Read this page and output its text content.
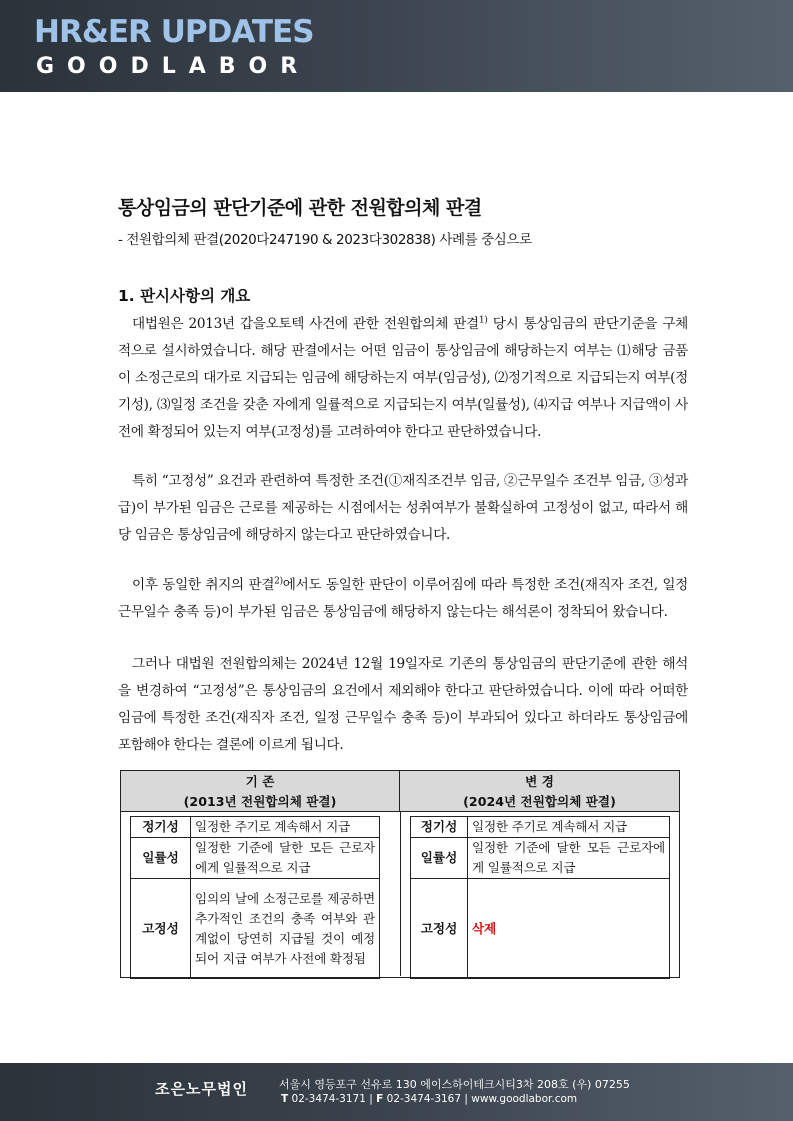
HR&ER UPDATES
GOODLABOR
통상임금의 판단기준에 관한 전원합의체 판결
- 전원합의체 판결(2020다247190 & 2023다302838) 사례를 중심으로
1. 판시사항의 개요

대법원은 2013년 갑을오토텍 사건에 관한 전원합의체 판결$^{1)}$ 당시 통상임금의 판단기준을 구체적으로 설시하였습니다. 해당 판결에서는 어떤 임금이 통상임금에 해당하는지 여부는 ⑴해당 금품이 소정근로의 대가로 지급되는 임금에 해당하는지 여부(임금성), ⑵정기적으로 지급되는지 여부(정기성), ⑶일정 조건을 갖춘 자에게 일률적으로 지급되는지 여부(일률성), ⑷지급 여부나 지급액이 사전에 확정되어 있는지 여부(고정성)를 고려하여야 한다고 판단하였습니다.

특히 “고정성” 요건과 관련하여 특정한 조건(①재직조건부 임금, ②근무일수 조건부 임금, ③성과급)이 부가된 임금은 근로를 제공하는 시점에서는 성취여부가 불확실하여 고정성이 없고, 따라서 해당 임금은 통상임금에 해당하지 않는다고 판단하였습니다.

이후 동일한 취지의 판결$^{2)}$에서도 동일한 판단이 이루어짐에 따라 특정한 조건(재직자 조건, 일정 근무일수 충족 등)이 부가된 임금은 통상임금에 해당하지 않는다는 해석론이 정착되어 왔습니다.

그러나 대법원 전원합의체는 2024년 12월 19일자로 기존의 통상임금의 판단기준에 관한 해석을 변경하여 “고정성”은 통상임금의 요건에서 제외해야 한다고 판단하였습니다. 이에 따라 어떠한 임금에 특정한 조건(재직자 조건, 일정 근무일수 충족 등)이 부과되어 있다고 하더라도 통상임금에 포함해야 한다는 결론에 이르게 됩니다.

기 존
(2013년 전원합의체 판결)
변 경
(2024년 전원합의체 판결)
정기성	일정한 주기로 계속해서 지급
일률성	일정한 기준에 달한 모든 근로자에게 일률적으로 지급
고정성	임의의 날에 소정근로를 제공하면 추가적인 조건의 충족 여부와 관계없이 당연히 지급될 것이 예정되어 지급 여부가 사전에 확정됨
정기성	일정한 주기로 계속해서 지급
일률성	일정한 기준에 달한 모든 근로자에게 일률적으로 지급
고정성	삭제
조은노무법인	서울시 영등포구 선유로 130 에이스하이테크시티3차 208호 (우) 07255
T 02-3474-3171 | F 02-3474-3167 | www.goodlabor.com
